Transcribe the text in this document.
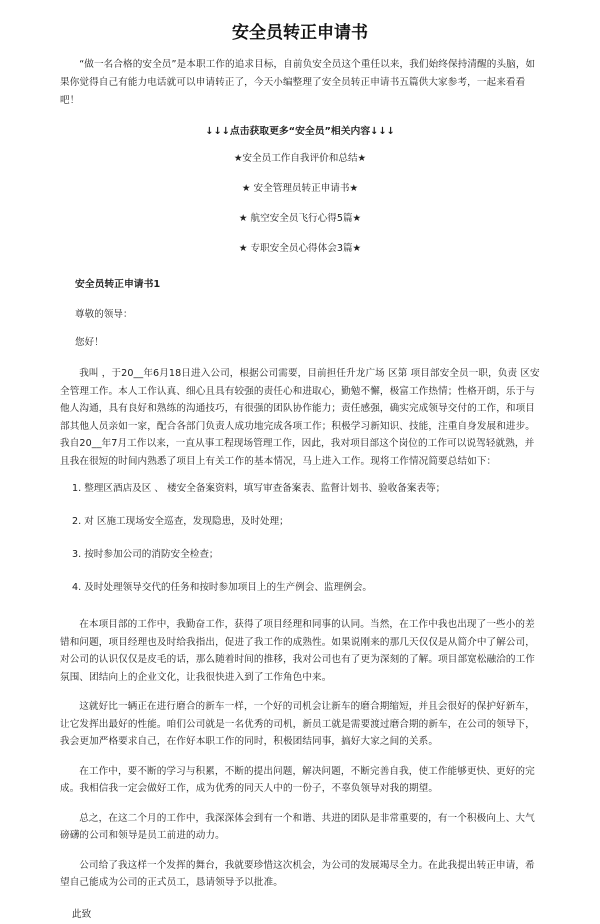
安全员转正申请书

“做一名合格的安全员”是本职工作的追求目标，自前负安全员这个重任以来，我们始终保持清醒的头脑，如果你觉得自己有能力电话就可以申请转正了，今天小编整理了安全员转正申请书五篇供大家参考，一起来看看吧！

↓↓↓点击获取更多“安全员”相关内容↓↓↓
★安全员工作自我评价和总结★
★ 安全管理员转正申请书★
★ 航空安全员飞行心得5篇★
★ 专职安全员心得体会3篇★
安全员转正申请书1
尊敬的领导：
您好！

我叫 ，于20__年6月18日进入公司，根据公司需要，目前担任升龙广场 区第 项目部安全员一职，负责 区安全管理工作。本人工作认真、细心且具有较强的责任心和进取心，勤勉不懈，极富工作热情；性格开朗，乐于与他人沟通，具有良好和熟练的沟通技巧，有很强的团队协作能力；责任感强，确实完成领导交付的工作，和项目部其他人员亲如一家，配合各部门负责人成功地完成各项工作；积极学习新知识、技能，注重自身发展和进步。我自20__年7月工作以来，一直从事工程现场管理工作，因此，我对项目部这个岗位的工作可以说驾轻就熟，并且我在很短的时间内熟悉了项目上有关工作的基本情况，马上进入工作。现将工作情况简要总结如下：

1. 整理区酒店及区 、 楼安全备案资料，填写审查备案表、监督计划书、验收备案表等；
2. 对 区施工现场安全巡查，发现隐患，及时处理；
3. 按时参加公司的消防安全检查；
4. 及时处理领导交代的任务和按时参加项目上的生产例会、监理例会。

在本项目部的工作中，我勤奋工作，获得了项目经理和同事的认同。当然，在工作中我也出现了一些小的差错和问题，项目经理也及时给我指出，促进了我工作的成熟性。如果说刚来的那几天仅仅是从简介中了解公司，对公司的认识仅仅是皮毛的话，那么随着时间的推移，我对公司也有了更为深刻的了解。项目部宽松融洽的工作氛围、团结向上的企业文化，让我很快进入到了工作角色中来。

这就好比一辆正在进行磨合的新车一样，一个好的司机会让新车的磨合期缩短，并且会很好的保护好新车，让它发挥出最好的性能。咱们公司就是一名优秀的司机，新员工就是需要渡过磨合期的新车，在公司的领导下，我会更加严格要求自己，在作好本职工作的同时，积极团结同事，搞好大家之间的关系。

在工作中，要不断的学习与积累，不断的提出问题，解决问题，不断完善自我，使工作能够更快、更好的完成。我相信我一定会做好工作，成为优秀的同天人中的一份子，不辜负领导对我的期望。

总之，在这二个月的工作中，我深深体会到有一个和谐、共进的团队是非常重要的，有一个积极向上、大气磅礴的公司和领导是员工前进的动力。

公司给了我这样一个发挥的舞台，我就要珍惜这次机会，为公司的发展竭尽全力。在此我提出转正申请，希望自己能成为公司的正式员工，恳请领导予以批准。

此致
